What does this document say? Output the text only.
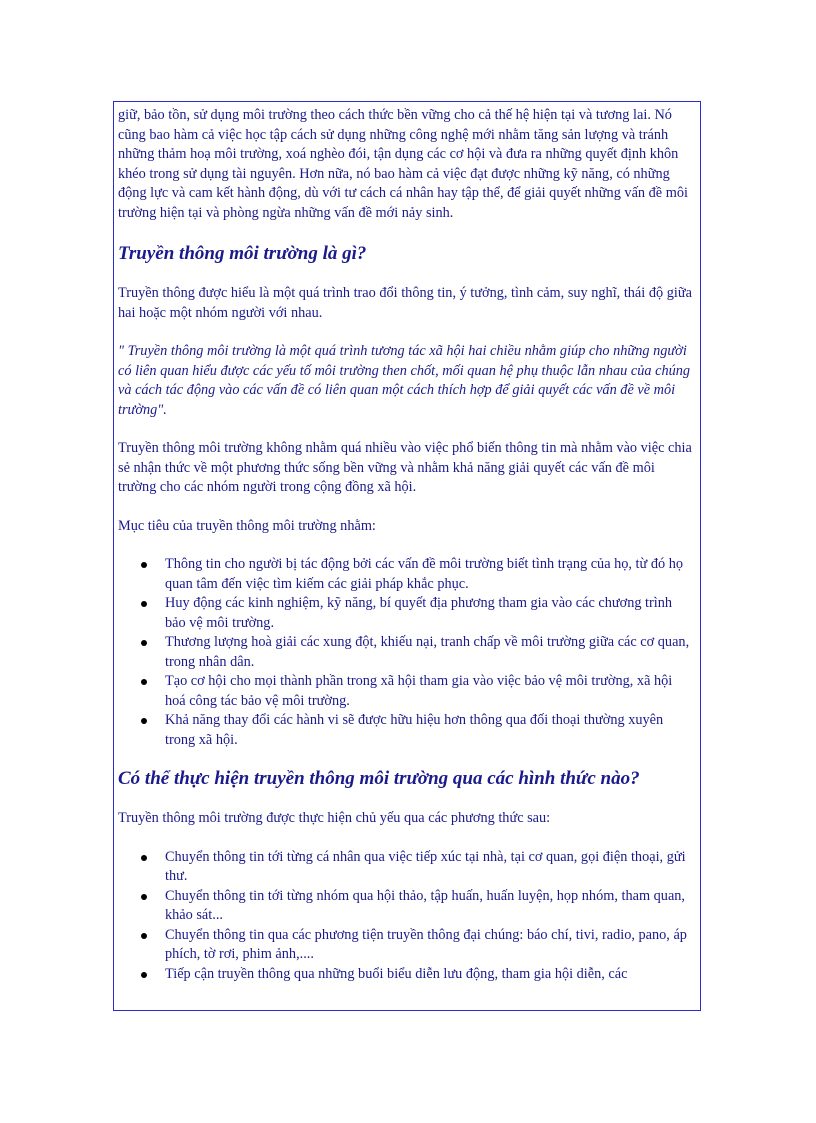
giữ, bảo tồn, sử dụng môi trường theo cách thức bền vững cho cả thế hệ hiện tại và tương lai. Nó cũng bao hàm cả việc học tập cách sử dụng những công nghệ mới nhằm tăng sản lượng và tránh những thảm hoạ môi trường, xoá nghèo đói, tận dụng các cơ hội và đưa ra những quyết định khôn khéo trong sử dụng tài nguyên. Hơn nữa, nó bao hàm cả việc đạt được những kỹ năng, có những động lực và cam kết hành động, dù với tư cách cá nhân hay tập thể, để giải quyết những vấn đề môi trường hiện tại và phòng ngừa những vấn đề mới nảy sinh.

Truyền thông môi trường là gì?

Truyền thông được hiểu là một quá trình trao đổi thông tin, ý tưởng, tình cảm, suy nghĩ, thái độ giữa hai hoặc một nhóm người với nhau.

" Truyền thông môi trường là một quá trình tương tác xã hội hai chiều nhằm giúp cho những người có liên quan hiểu được các yếu tố môi trường then chốt, mối quan hệ phụ thuộc lẫn nhau của chúng và cách tác động vào các vấn đề có liên quan một cách thích hợp để giải quyết các vấn đề về môi trường".

Truyền thông môi trường không nhằm quá nhiều vào việc phổ biến thông tin mà nhằm vào việc chia sẻ nhận thức về một phương thức sống bền vững và nhằm khả năng giải quyết các vấn đề môi trường cho các nhóm người trong cộng đồng xã hội.

Mục tiêu của truyền thông môi trường nhằm:

Thông tin cho người bị tác động bởi các vấn đề môi trường biết tình trạng của họ, từ đó họ quan tâm đến việc tìm kiếm các giải pháp khắc phục.
Huy động các kinh nghiệm, kỹ năng, bí quyết địa phương tham gia vào các chương trình bảo vệ môi trường.
Thương lượng hoà giải các xung đột, khiếu nại, tranh chấp về môi trường giữa các cơ quan, trong nhân dân.
Tạo cơ hội cho mọi thành phần trong xã hội tham gia vào việc bảo vệ môi trường, xã hội hoá công tác bảo vệ môi trường.
Khả năng thay đổi các hành vi sẽ được hữu hiệu hơn thông qua đối thoại thường xuyên trong xã hội.
Có thể thực hiện truyền thông môi trường qua các hình thức nào?

Truyền thông môi trường được thực hiện chủ yếu qua các phương thức sau:

Chuyển thông tin tới từng cá nhân qua việc tiếp xúc tại nhà, tại cơ quan, gọi điện thoại, gửi thư.
Chuyển thông tin tới từng nhóm qua hội thảo, tập huấn, huấn luyện, họp nhóm, tham quan, khảo sát...
Chuyển thông tin qua các phương tiện truyền thông đại chúng: báo chí, tivi, radio, pano, áp phích, tờ rơi, phim ảnh,....
Tiếp cận truyền thông qua những buổi biểu diễn lưu động, tham gia hội diễn, các
